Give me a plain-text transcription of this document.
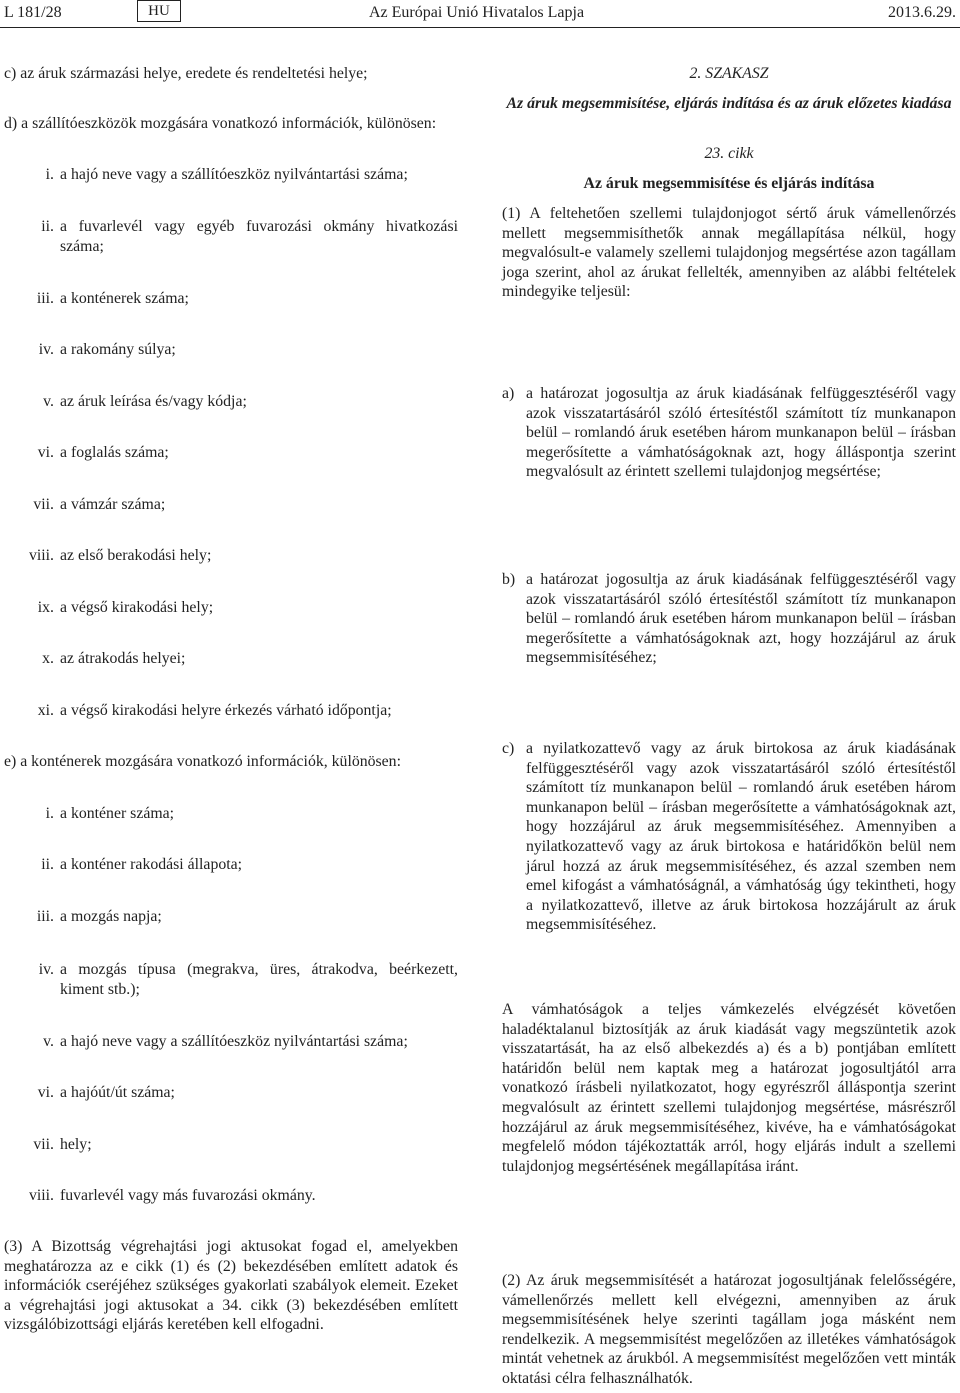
L 181/28	HU	Az Európai Unió Hivatalos Lapja	2013.6.29.

c) az áruk származási helye, eredete és rendeltetési helye;

d) a szállítóeszközök mozgására vonatkozó információk, különösen:

i. a hajó neve vagy a szállítóeszköz nyilvántartási száma;

ii. a fuvarlevél vagy egyéb fuvarozási okmány hivatkozási száma;

iii. a konténerek száma;

iv. a rakomány súlya;

v. az áruk leírása és/vagy kódja;

vi. a foglalás száma;

vii. a vámzár száma;

viii. az első berakodási hely;

ix. a végső kirakodási hely;

x. az átrakodás helyei;

xi. a végső kirakodási helyre érkezés várható időpontja;

e) a konténerek mozgására vonatkozó információk, különösen:

i. a konténer száma;

ii. a konténer rakodási állapota;

iii. a mozgás napja;

iv. a mozgás típusa (megrakva, üres, átrakodva, beérkezett, kiment stb.);

v. a hajó neve vagy a szállítóeszköz nyilvántartási száma;

vi. a hajóút/út száma;

vii. hely;

viii. fuvarlevél vagy más fuvarozási okmány.

(3) A Bizottság végrehajtási jogi aktusokat fogad el, amelyekben meghatározza az e cikk (1) és (2) bekezdésében említett adatok és információk cseréjéhez szükséges gyakorlati szabályok elemeit. Ezeket a végrehajtási jogi aktusokat a 34. cikk (3) bekezdésében említett vizsgálóbizottsági eljárás keretében kell elfogadni.

2. SZAKASZ

Az áruk megsemmisítése, eljárás indítása és az áruk előzetes kiadása

23. cikk

Az áruk megsemmisítése és eljárás indítása

(1) A feltehetően szellemi tulajdonjogot sértő áruk vámellenőrzés mellett megsemmisíthetők annak megállapítása nélkül, hogy megvalósult-e valamely szellemi tulajdonjog megsértése azon tagállam joga szerint, ahol az árukat fellelték, amennyiben az alábbi feltételek mindegyike teljesül:

a) a határozat jogosultja az áruk kiadásának felfüggesztéséről vagy azok visszatartásáról szóló értesítéstől számított tíz munkanapon belül – romlandó áruk esetében három munkanapon belül – írásban megerősítette a vámhatóságoknak azt, hogy álláspontja szerint megvalósult az érintett szellemi tulajdonjog megsértése;

b) a határozat jogosultja az áruk kiadásának felfüggesztéséről vagy azok visszatartásáról szóló értesítéstől számított tíz munkanapon belül – romlandó áruk esetében három munkanapon belül – írásban megerősítette a vámhatóságoknak azt, hogy hozzájárul az áruk megsemmisítéséhez;

c) a nyilatkozattevő vagy az áruk birtokosa az áruk kiadásának felfüggesztéséről vagy azok visszatartásáról szóló értesítéstől számított tíz munkanapon belül – romlandó áruk esetében három munkanapon belül – írásban megerősítette a vámhatóságoknak azt, hogy hozzájárul az áruk megsemmisítéséhez. Amennyiben a nyilatkozattevő vagy az áruk birtokosa e határidőkön belül nem járul hozzá az áruk megsemmisítéséhez, és azzal szemben nem emel kifogást a vámhatóságnál, a vámhatóság úgy tekintheti, hogy a nyilatkozattevő, illetve az áruk birtokosa hozzájárult az áruk megsemmisítéséhez.

A vámhatóságok a teljes vámkezelés elvégzését követően haladéktalanul biztosítják az áruk kiadását vagy megszüntetik azok visszatartását, ha az első albekezdés a) és a b) pontjában említett határidőn belül nem kaptak meg a határozat jogosultjától arra vonatkozó írásbeli nyilatkozatot, hogy egyrészről álláspontja szerint megvalósult az érintett szellemi tulajdonjog megsértése, másrészről hozzájárul az áruk megsemmisítéséhez, kivéve, ha e vámhatóságokat megfelelő módon tájékoztatták arról, hogy eljárás indult a szellemi tulajdonjog megsértésének megállapítása iránt.

(2) Az áruk megsemmisítését a határozat jogosultjának felelősségére, vámellenőrzés mellett kell elvégezni, amennyiben az áruk megsemmisítésének helye szerinti tagállam joga másként nem rendelkezik. A megsemmisítést megelőzően az illetékes vámhatóságok mintát vehetnek az árukból. A megsemmisítést megelőzően vett minták oktatási célra felhasználhatók.
